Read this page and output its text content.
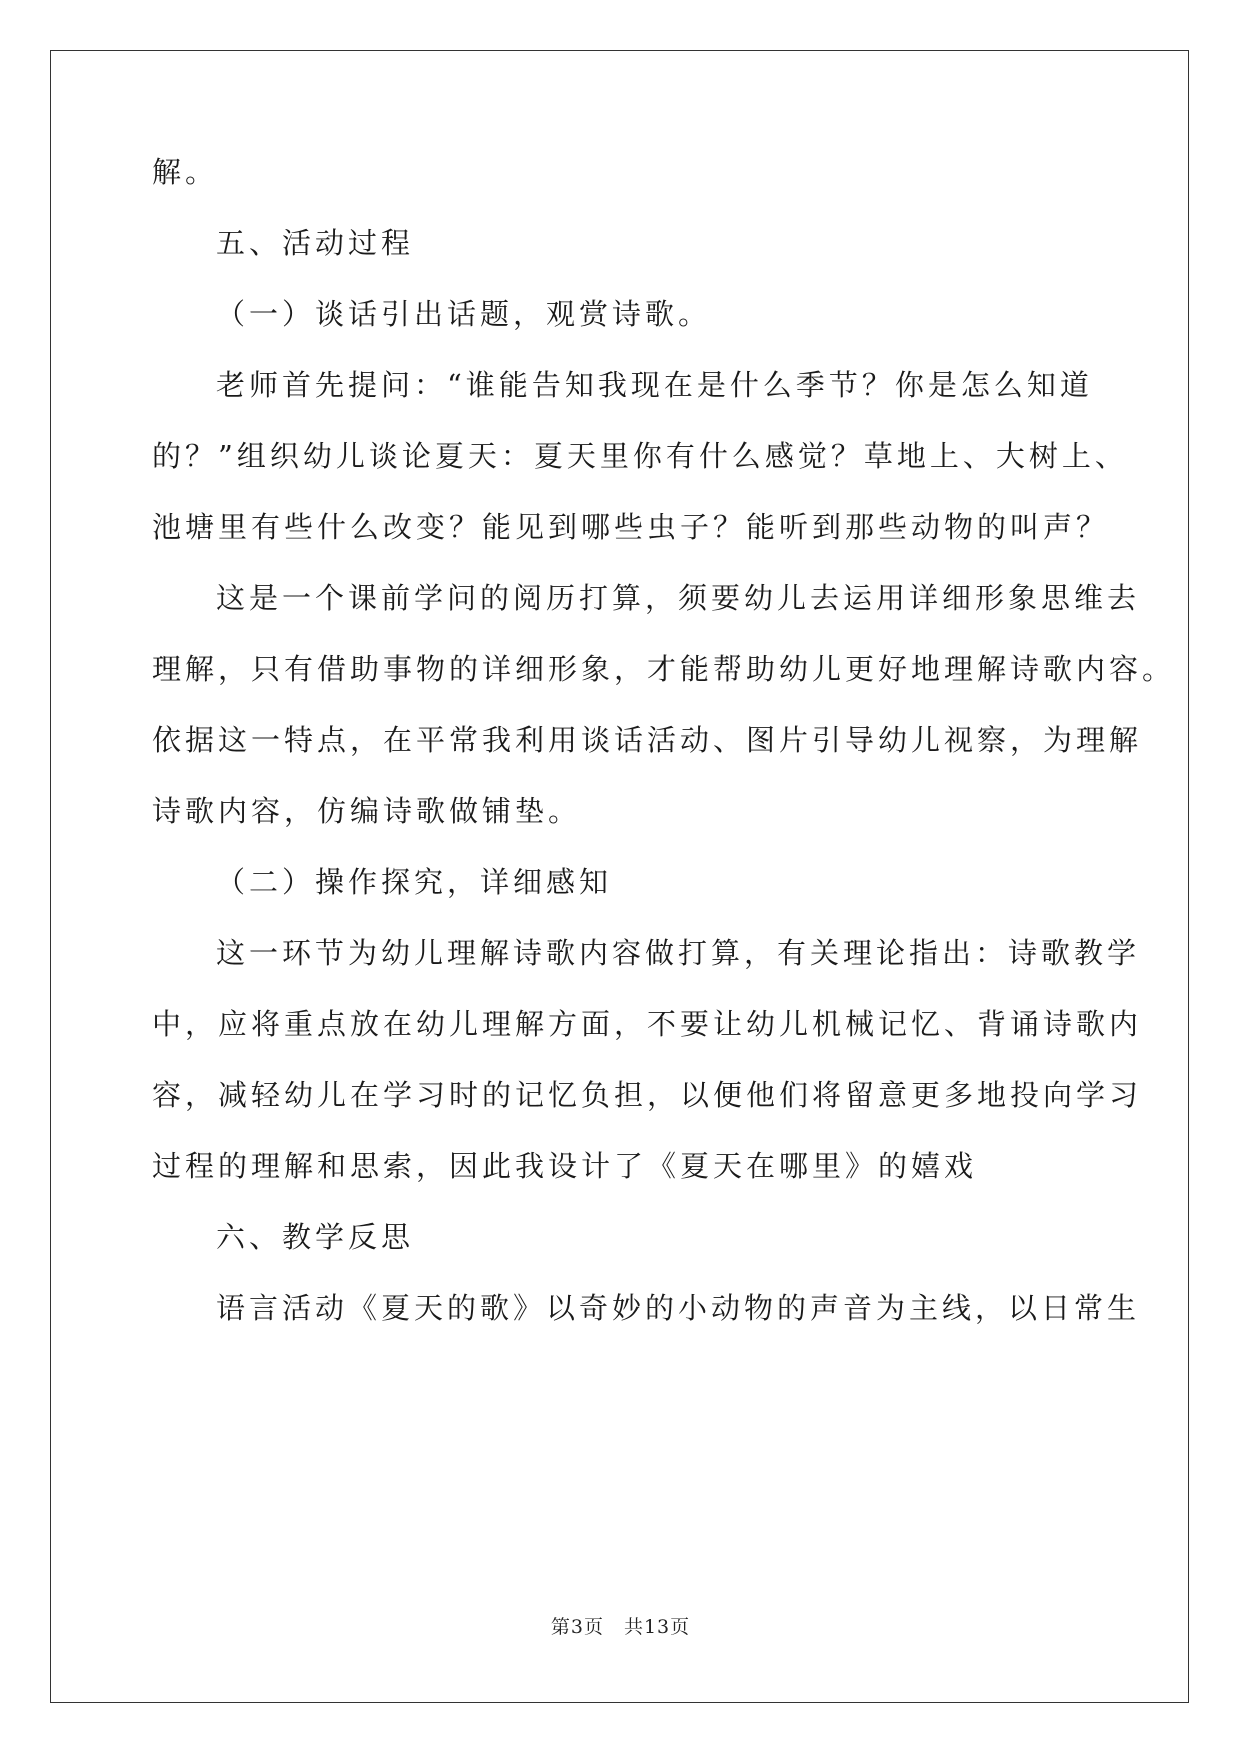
解。
五、活动过程
（一）谈话引出话题，观赏诗歌。
老师首先提问：“谁能告知我现在是什么季节？你是怎么知道
的？”组织幼儿谈论夏天：夏天里你有什么感觉？草地上、大树上、
池塘里有些什么改变？能见到哪些虫子？能听到那些动物的叫声？
这是一个课前学问的阅历打算，须要幼儿去运用详细形象思维去
理解，只有借助事物的详细形象，才能帮助幼儿更好地理解诗歌内容。
依据这一特点，在平常我利用谈话活动、图片引导幼儿视察，为理解
诗歌内容，仿编诗歌做铺垫。
（二）操作探究，详细感知
这一环节为幼儿理解诗歌内容做打算，有关理论指出：诗歌教学
中，应将重点放在幼儿理解方面，不要让幼儿机械记忆、背诵诗歌内
容，减轻幼儿在学习时的记忆负担，以便他们将留意更多地投向学习
过程的理解和思索，因此我设计了《夏天在哪里》的嬉戏
六、教学反思
语言活动《夏天的歌》以奇妙的小动物的声音为主线，以日常生
第3页　共13页
